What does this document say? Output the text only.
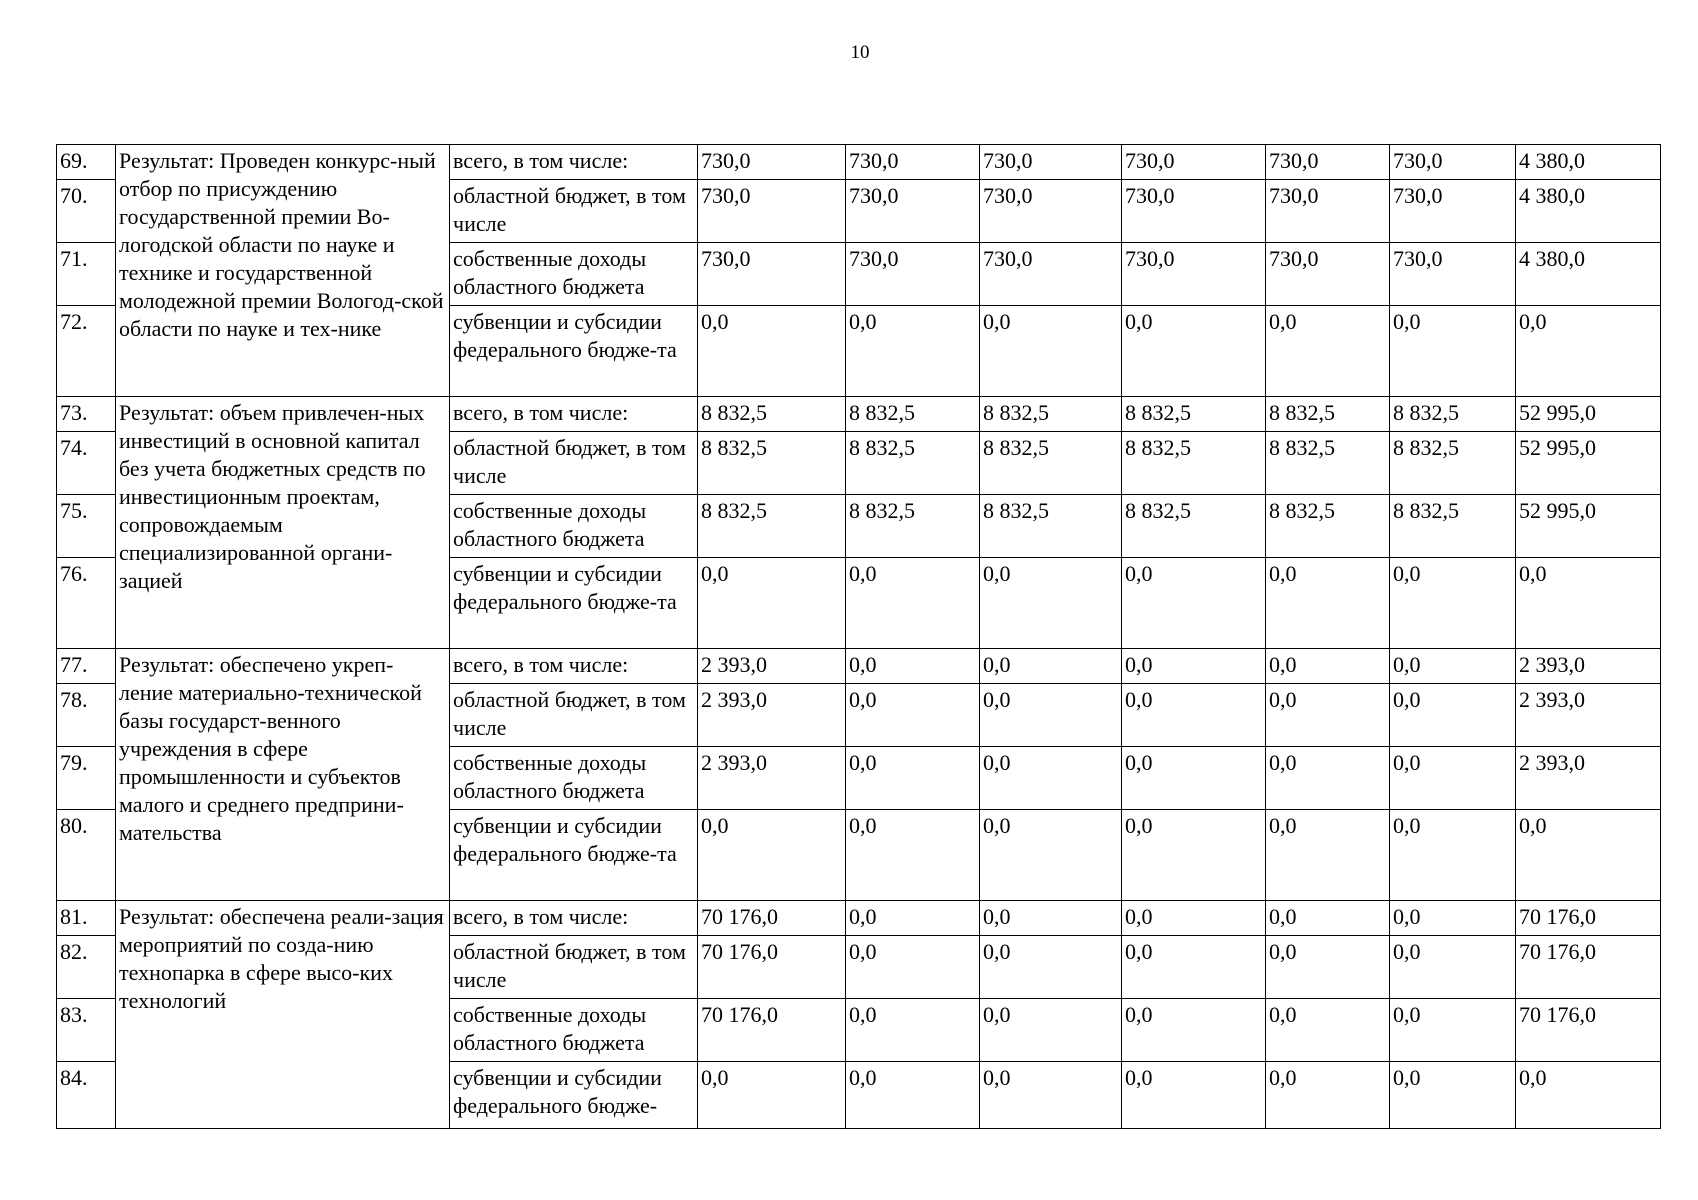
10
69.	Результат: Проведен конкурс-ный отбор по присуждению государственной премии Во-логодской области по науке и технике и государственной молодежной премии Вологод-ской области по науке и тех-нике	всего, в том числе:	730,0	730,0	730,0	730,0	730,0	730,0	4 380,0
70.		областной бюджет, в том числе	730,0	730,0	730,0	730,0	730,0	730,0	4 380,0
71.		собственные доходы областного бюджета	730,0	730,0	730,0	730,0	730,0	730,0	4 380,0
72.		субвенции и субсидии федерального бюдже-та	0,0	0,0	0,0	0,0	0,0	0,0	0,0
73.	Результат: объем привлечен-ных инвестиций в основной капитал без учета бюджетных средств по инвестиционным проектам, сопровождаемым специализированной органи-зацией	всего, в том числе:	8 832,5	8 832,5	8 832,5	8 832,5	8 832,5	8 832,5	52 995,0
74.		областной бюджет, в том числе	8 832,5	8 832,5	8 832,5	8 832,5	8 832,5	8 832,5	52 995,0
75.		собственные доходы областного бюджета	8 832,5	8 832,5	8 832,5	8 832,5	8 832,5	8 832,5	52 995,0
76.		субвенции и субсидии федерального бюдже-та	0,0	0,0	0,0	0,0	0,0	0,0	0,0
77.	Результат: обеспечено укреп-ление материально-технической базы государст-венного учреждения в сфере промышленности и субъектов малого и среднего предприни-мательства	всего, в том числе:	2 393,0	0,0	0,0	0,0	0,0	0,0	2 393,0
78.		областной бюджет, в том числе	2 393,0	0,0	0,0	0,0	0,0	0,0	2 393,0
79.		собственные доходы областного бюджета	2 393,0	0,0	0,0	0,0	0,0	0,0	2 393,0
80.		субвенции и субсидии федерального бюдже-та	0,0	0,0	0,0	0,0	0,0	0,0	0,0
81.	Результат: обеспечена реали-зация мероприятий по созда-нию технопарка в сфере высо-ких технологий	всего, в том числе:	70 176,0	0,0	0,0	0,0	0,0	0,0	70 176,0
82.		областной бюджет, в том числе	70 176,0	0,0	0,0	0,0	0,0	0,0	70 176,0
83.		собственные доходы областного бюджета	70 176,0	0,0	0,0	0,0	0,0	0,0	70 176,0
84.		субвенции и субсидии федерального бюдже-	0,0	0,0	0,0	0,0	0,0	0,0	0,0
